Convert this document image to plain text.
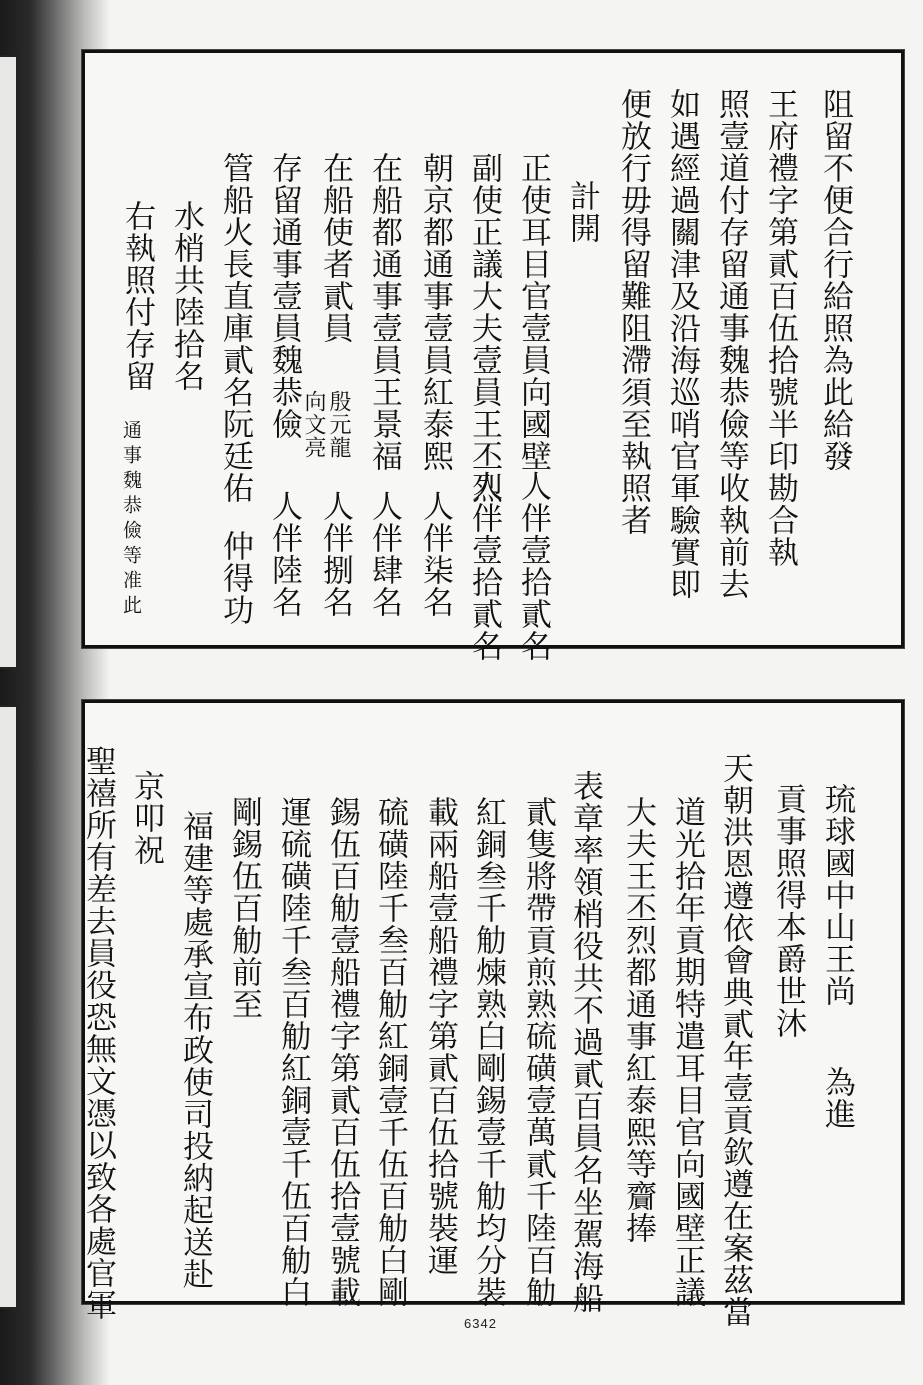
阻留不便合行給照為此給發
王府禮字第貳百伍拾號半印勘合執
照壹道付存留通事魏恭儉等收執前去
如遇經過關津及沿海巡哨官軍驗實即
便放行毋得留難阻滯須至執照者
計開
正使耳目官壹員向國壁
人伴壹拾貳名
副使正議大夫壹員王丕烈
人伴壹拾貳名
朝京都通事壹員紅泰熙
人伴柒名
在船都通事壹員王景福
人伴肆名
在船使者貳員
殷元龍
向文亮
人伴捌名
存留通事壹員魏恭儉
人伴陸名
管船火長直庫貳名阮廷佑
仲得功
水梢共陸拾名
右執照付存留
通事魏恭儉等准此
琉球國中山王尚
為進
貢事照得本爵世沐
天朝洪恩遵依會典貳年壹貢欽遵在案茲當
道光拾年貢期特遣耳目官向國壁正議
大夫王丕烈都通事紅泰熙等齎捧
表章率領梢役共不過貳百員名坐駕海船
貳隻將帶貢煎熟硫磺壹萬貳千陸百觔
紅銅叁千觔煉熟白剛錫壹千觔均分裝
載兩船壹船禮字第貳百伍拾號裝運
硫磺陸千叁百觔紅銅壹千伍百觔白剛
錫伍百觔壹船禮字第貳百伍拾壹號載
運硫磺陸千叁百觔紅銅壹千伍百觔白
剛錫伍百觔前至
福建等處承宣布政使司投納起送赴
京叩祝
聖禧所有差去員役恐無文憑以致各處官軍
6342
